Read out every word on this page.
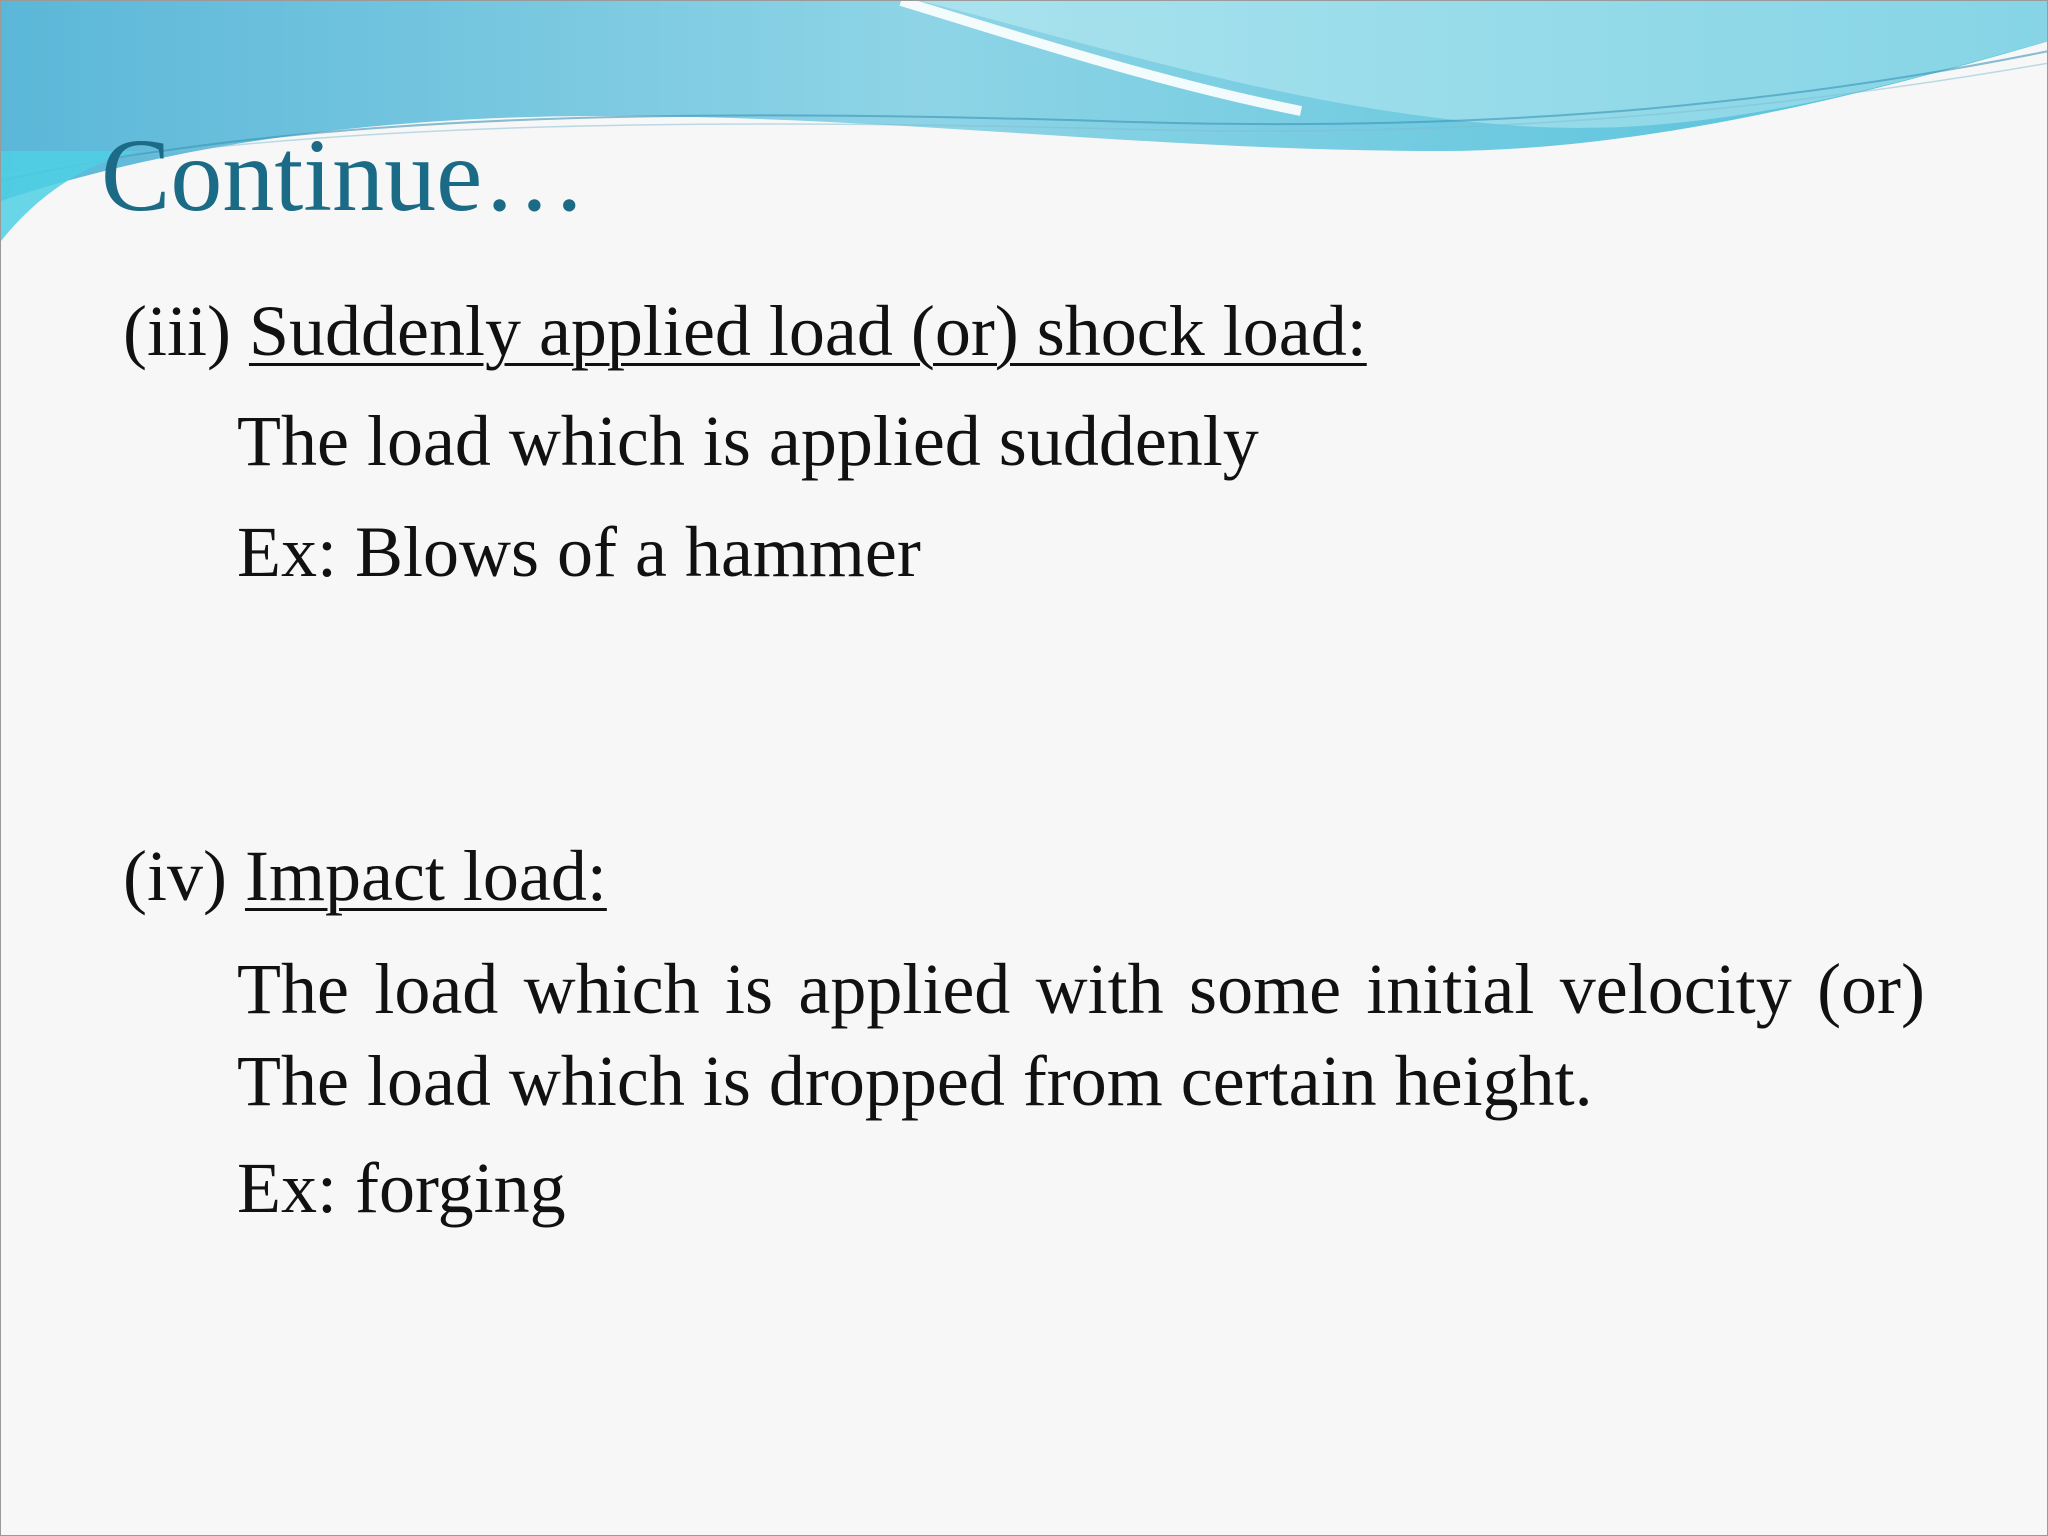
Continue…
(iii) Suddenly applied load (or) shock load:
The load which is applied suddenly
Ex: Blows of a hammer
(iv) Impact load:

The load which is applied with some initial velocity (or) The load which is dropped from certain height.

Ex: forging
